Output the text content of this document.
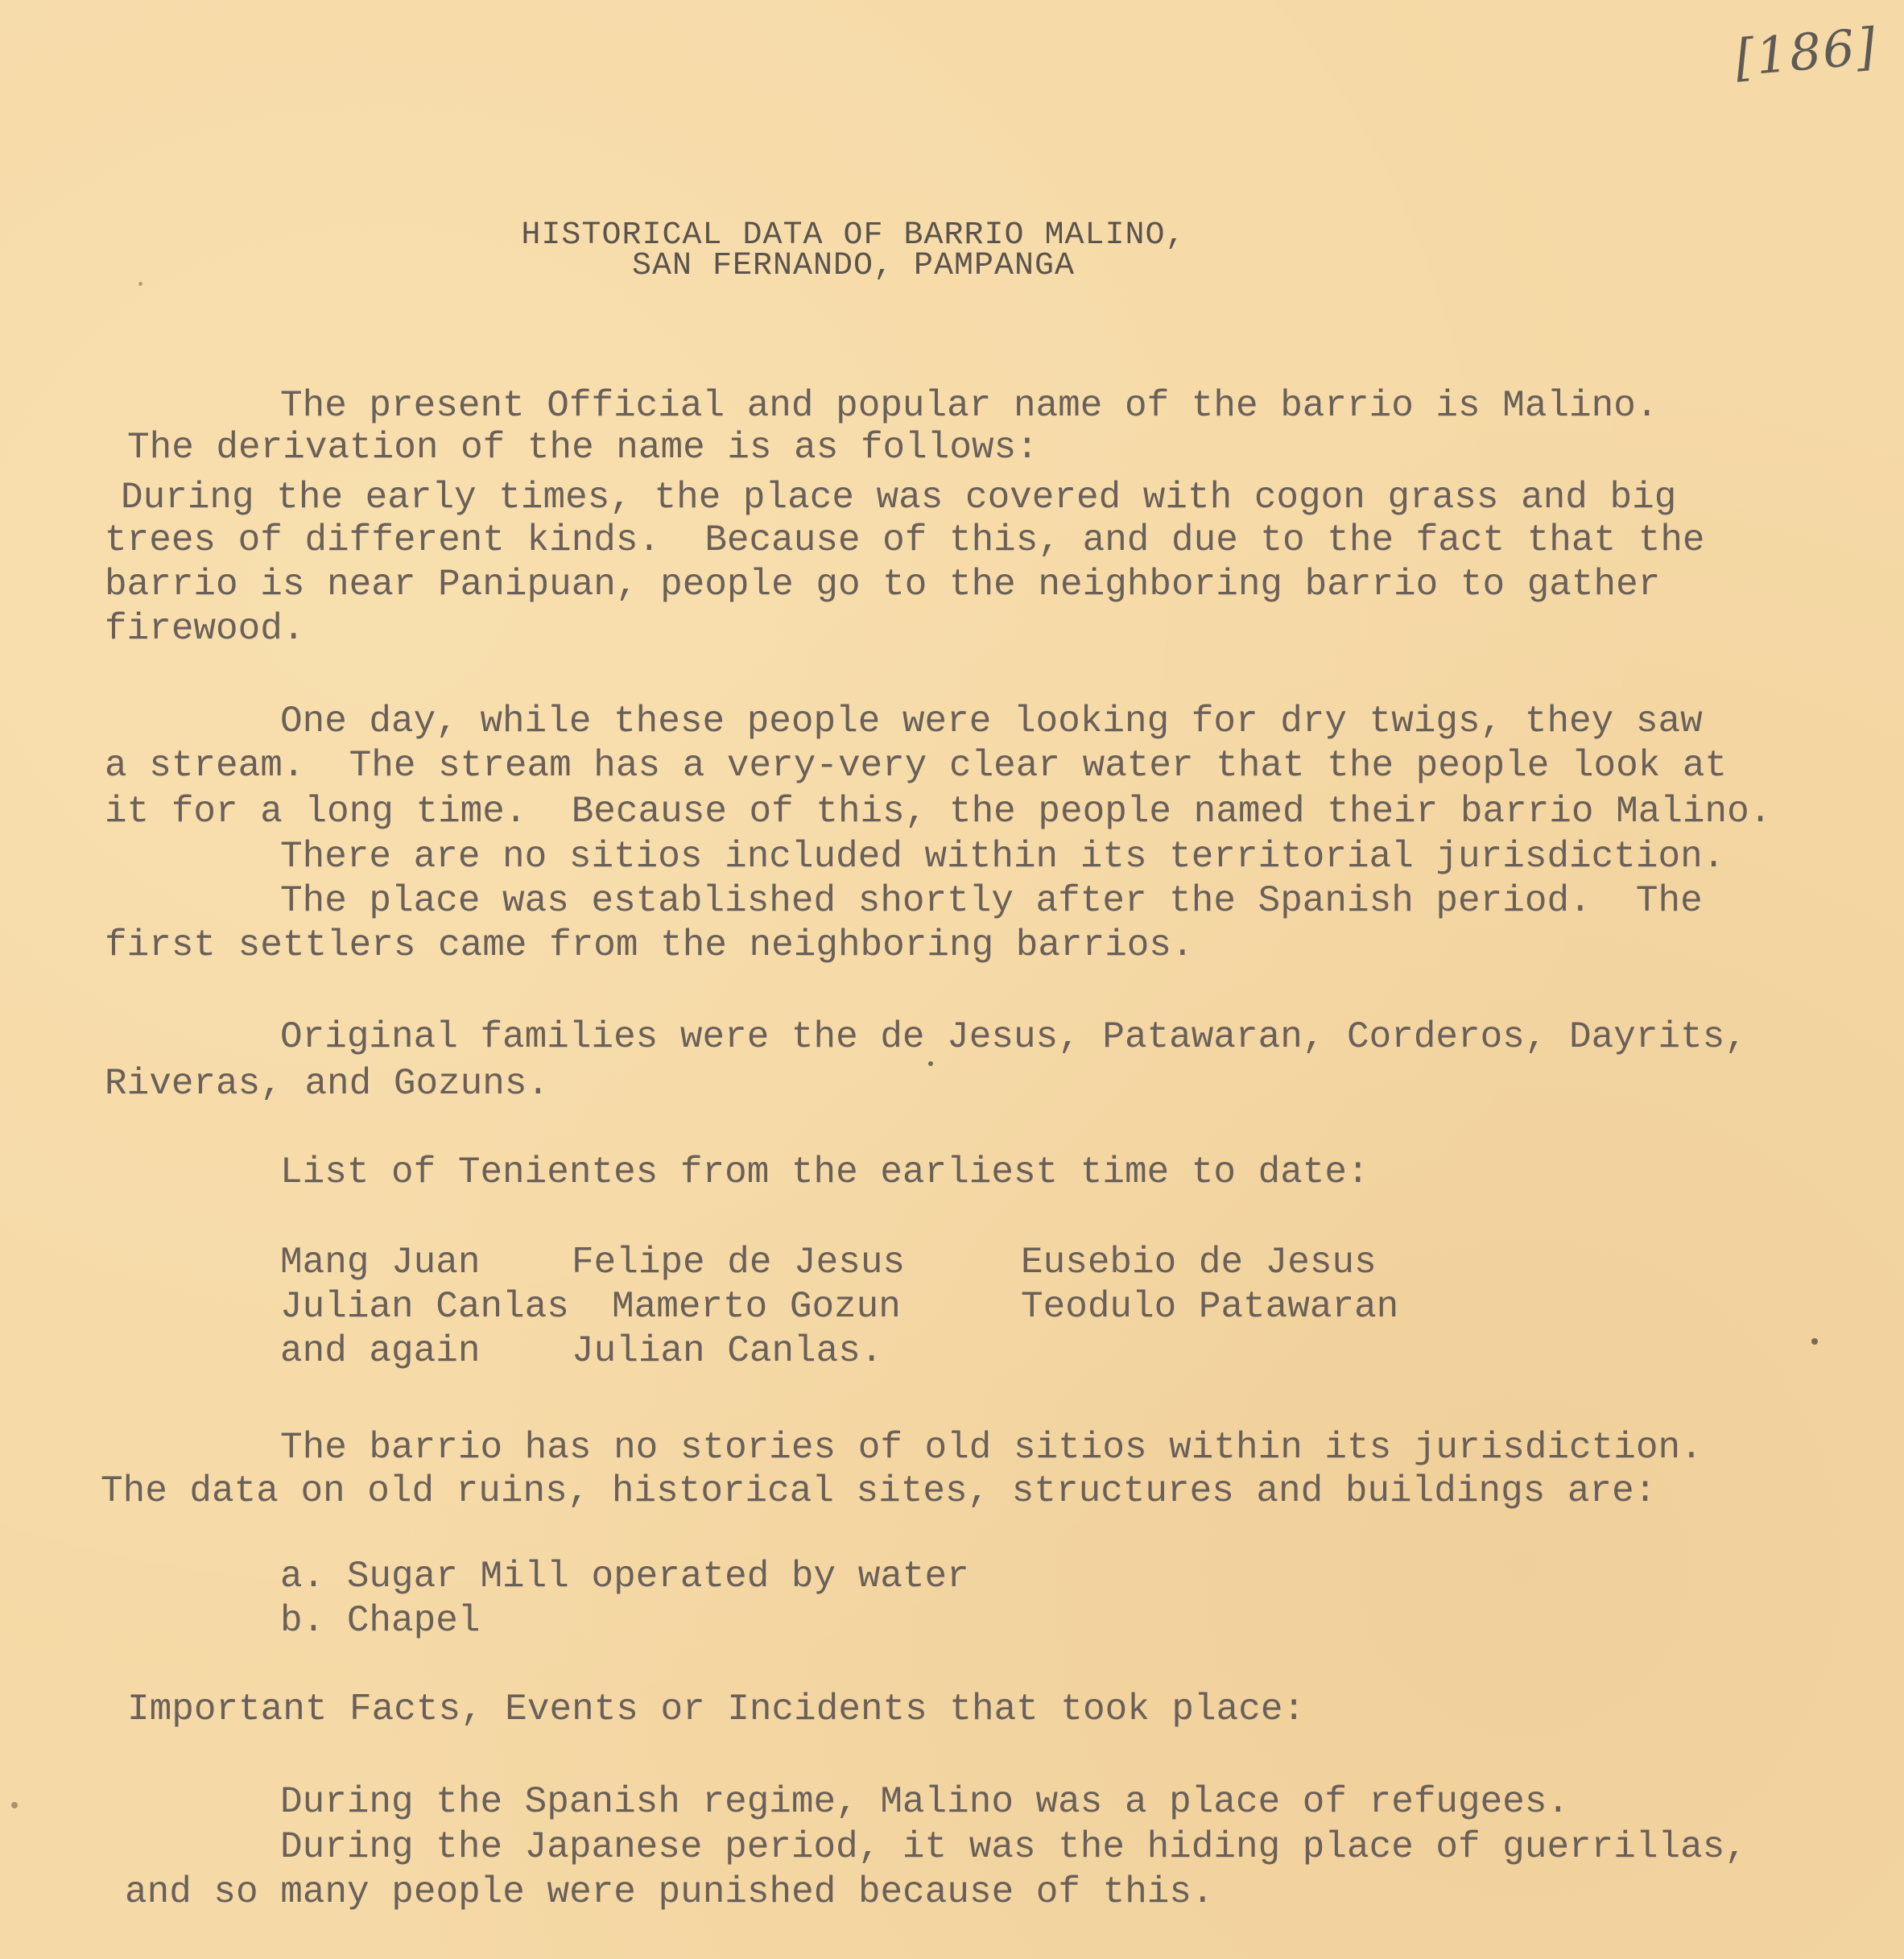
[186]
HISTORICAL DATA OF BARRIO MALINO,
SAN FERNANDO, PAMPANGA
The present Official and popular name of the barrio is Malino.
The derivation of the name is as follows:
During the early times, the place was covered with cogon grass and big
trees of different kinds.  Because of this, and due to the fact that the
barrio is near Panipuan, people go to the neighboring barrio to gather
firewood.
One day, while these people were looking for dry twigs, they saw
a stream.  The stream has a very-very clear water that the people look at
it for a long time.  Because of this, the people named their barrio Malino.
There are no sitios included within its territorial jurisdiction.
The place was established shortly after the Spanish period.  The
first settlers came from the neighboring barrios.
Original families were the de Jesus, Patawaran, Corderos, Dayrits,
Riveras, and Gozuns.
List of Tenientes from the earliest time to date:
Mang Juan
Julian Canlas
and again
Felipe de Jesus
Mamerto Gozun
Julian Canlas.
Eusebio de Jesus
Teodulo Patawaran
The barrio has no stories of old sitios within its jurisdiction.
The data on old ruins, historical sites, structures and buildings are:
a. Sugar Mill operated by water
b. Chapel
Important Facts, Events or Incidents that took place:
During the Spanish regime, Malino was a place of refugees.
During the Japanese period, it was the hiding place of guerrillas,
and so many people were punished because of this.
